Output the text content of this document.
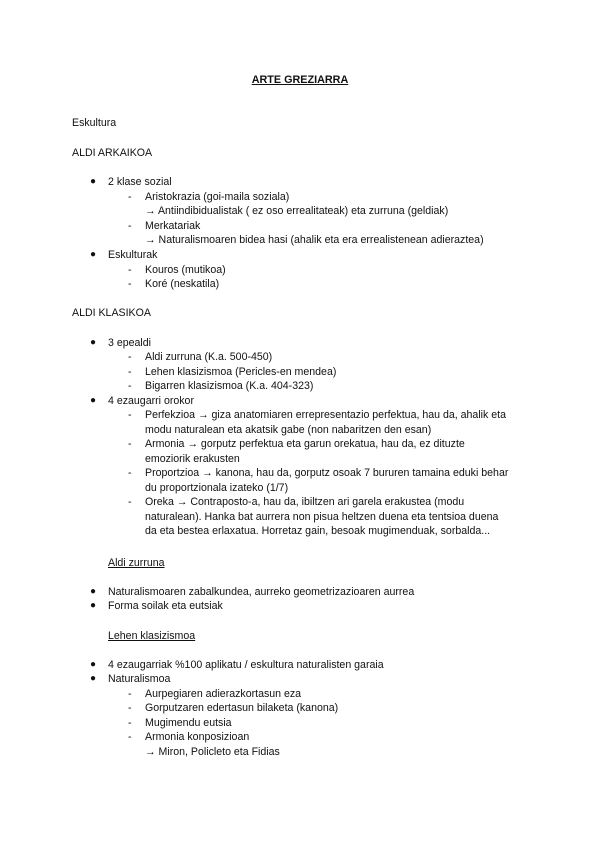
ARTE GREZIARRA
Eskultura
ALDI ARKAIKOA
● 2 klase sozial
- Aristokrazia (goi-maila soziala)
→ Antiindibidualistak ( ez oso errealitateak) eta zurruna (geldiak)
- Merkatariak
→ Naturalismoaren bidea hasi (ahalik eta era errealistenean adieraztea)
● Eskulturak
- Kouros (mutikoa)
- Koré (neskatila)
ALDI KLASIKOA
● 3 epealdi
- Aldi zurruna (K.a. 500-450)
- Lehen klasizismoa (Pericles-en mendea)
- Bigarren klasizismoa (K.a. 404-323)
● 4 ezaugarri orokor
- Perfekzioa → giza anatomiaren errepresentazio perfektua, hau da, ahalik eta
modu naturalean eta akatsik gabe (non nabaritzen den esan)
- Armonia → gorputz perfektua eta garun orekatua, hau da, ez dituzte
emoziorik erakusten
- Proportzioa → kanona, hau da, gorputz osoak 7 bururen tamaina eduki behar
du proportzionala izateko (1/7)
- Oreka → Contraposto-a, hau da, ibiltzen ari garela erakustea (modu
naturalean). Hanka bat aurrera non pisua heltzen duena eta tentsioa duena
da eta bestea erlaxatua. Horretaz gain, besoak mugimenduak, sorbalda...
Aldi zurruna
● Naturalismoaren zabalkundea, aurreko geometrizazioaren aurrea
● Forma soilak eta eutsiak
Lehen klasizismoa
● 4 ezaugarriak %100 aplikatu / eskultura naturalisten garaia
● Naturalismoa
- Aurpegiaren adierazkortasun eza
- Gorputzaren edertasun bilaketa (kanona)
- Mugimendu eutsia
- Armonia konposizioan
→ Miron, Policleto eta Fidias
